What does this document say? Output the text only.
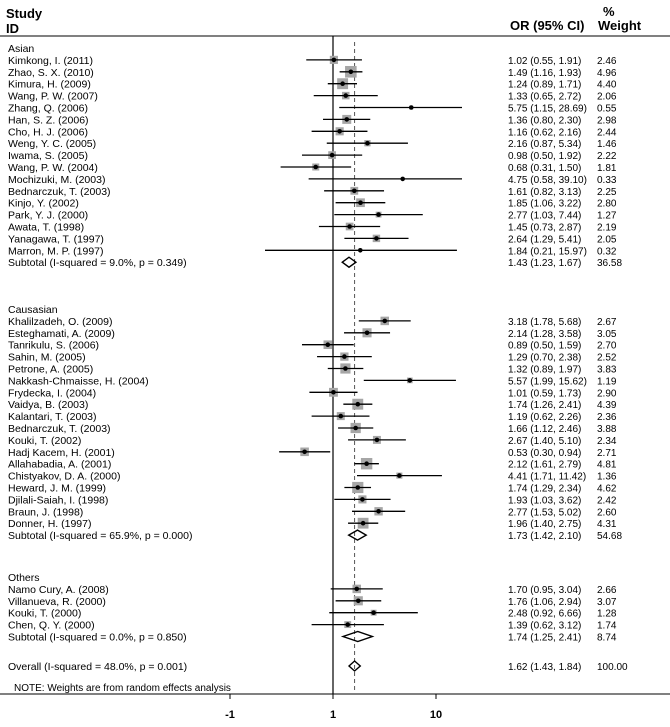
Study
ID	OR (95% CI)
%
Weight
-1	1	10
Asian
Kimkong, I. (2011)	1.02 (0.55, 1.91) 2.46
Zhao, S. X. (2010)	1.49 (1.16, 1.93) 4.96
Kimura, H. (2009)	1.24 (0.89, 1.71) 4.40
Wang, P. W. (2007)	1.33 (0.65, 2.72) 2.06
Zhang, Q. (2006)	5.75 (1.15, 28.69) 0.55
Han, S. Z. (2006)	1.36 (0.80, 2.30) 2.98
Cho, H. J. (2006)	1.16 (0.62, 2.16) 2.44
Weng, Y. C. (2005)	2.16 (0.87, 5.34) 1.46
Iwama, S. (2005)	0.98 (0.50, 1.92) 2.22
Wang, P. W. (2004)	0.68 (0.31, 1.50) 1.81
Mochizuki, M. (2003)	4.75 (0.58, 39.10) 0.33
Bednarczuk, T. (2003)	1.61 (0.82, 3.13) 2.25
Kinjo, Y. (2002)	1.85 (1.06, 3.22) 2.80
Park, Y. J. (2000)	2.77 (1.03, 7.44) 1.27
Awata, T. (1998)	1.45 (0.73, 2.87) 2.19
Yanagawa, T. (1997)	2.64 (1.29, 5.41) 2.05
Marron, M. P. (1997)	1.84 (0.21, 15.97) 0.32
Subtotal (I-squared = 9.0%, p = 0.349)	1.43 (1.23, 1.67) 36.58
Causasian
Khalilzadeh, O. (2009)	3.18 (1.78, 5.68) 2.67
Esteghamati, A. (2009)	2.14 (1.28, 3.58) 3.05
Tanrikulu, S. (2006)	0.89 (0.50, 1.59) 2.70
Sahin, M. (2005)	1.29 (0.70, 2.38) 2.52
Petrone, A. (2005)	1.32 (0.89, 1.97) 3.83
Nakkash-Chmaisse, H. (2004)	5.57 (1.99, 15.62) 1.19
Frydecka, I. (2004)	1.01 (0.59, 1.73) 2.90
Vaidya, B. (2003)	1.74 (1.26, 2.41) 4.39
Kalantari, T. (2003)	1.19 (0.62, 2.26) 2.36
Bednarczuk, T. (2003)	1.66 (1.12, 2.46) 3.88
Kouki, T. (2002)	2.67 (1.40, 5.10) 2.34
Hadj Kacem, H. (2001)	0.53 (0.30, 0.94) 2.71
Allahabadia, A. (2001)	2.12 (1.61, 2.79) 4.81
Chistyakov, D. A. (2000)	4.41 (1.71, 11.42) 1.36
Heward, J. M. (1999)	1.74 (1.29, 2.34) 4.62
Djilali-Saiah, I. (1998)	1.93 (1.03, 3.62) 2.42
Braun, J. (1998)	2.77 (1.53, 5.02) 2.60
Donner, H. (1997)	1.96 (1.40, 2.75) 4.31
Subtotal (I-squared = 65.9%, p = 0.000)	1.73 (1.42, 2.10) 54.68
Others
Namo Cury, A. (2008)	1.70 (0.95, 3.04) 2.66
Villanueva, R. (2000)	1.76 (1.06, 2.94) 3.07
Kouki, T. (2000)	2.48 (0.92, 6.66) 1.28
Chen, Q. Y. (2000)	1.39 (0.62, 3.12) 1.74
Subtotal (I-squared = 0.0%, p = 0.850)	1.74 (1.25, 2.41) 8.74
Overall (I-squared = 48.0%, p = 0.001)	1.62 (1.43, 1.84) 100.00
NOTE: Weights are from random effects analysis
